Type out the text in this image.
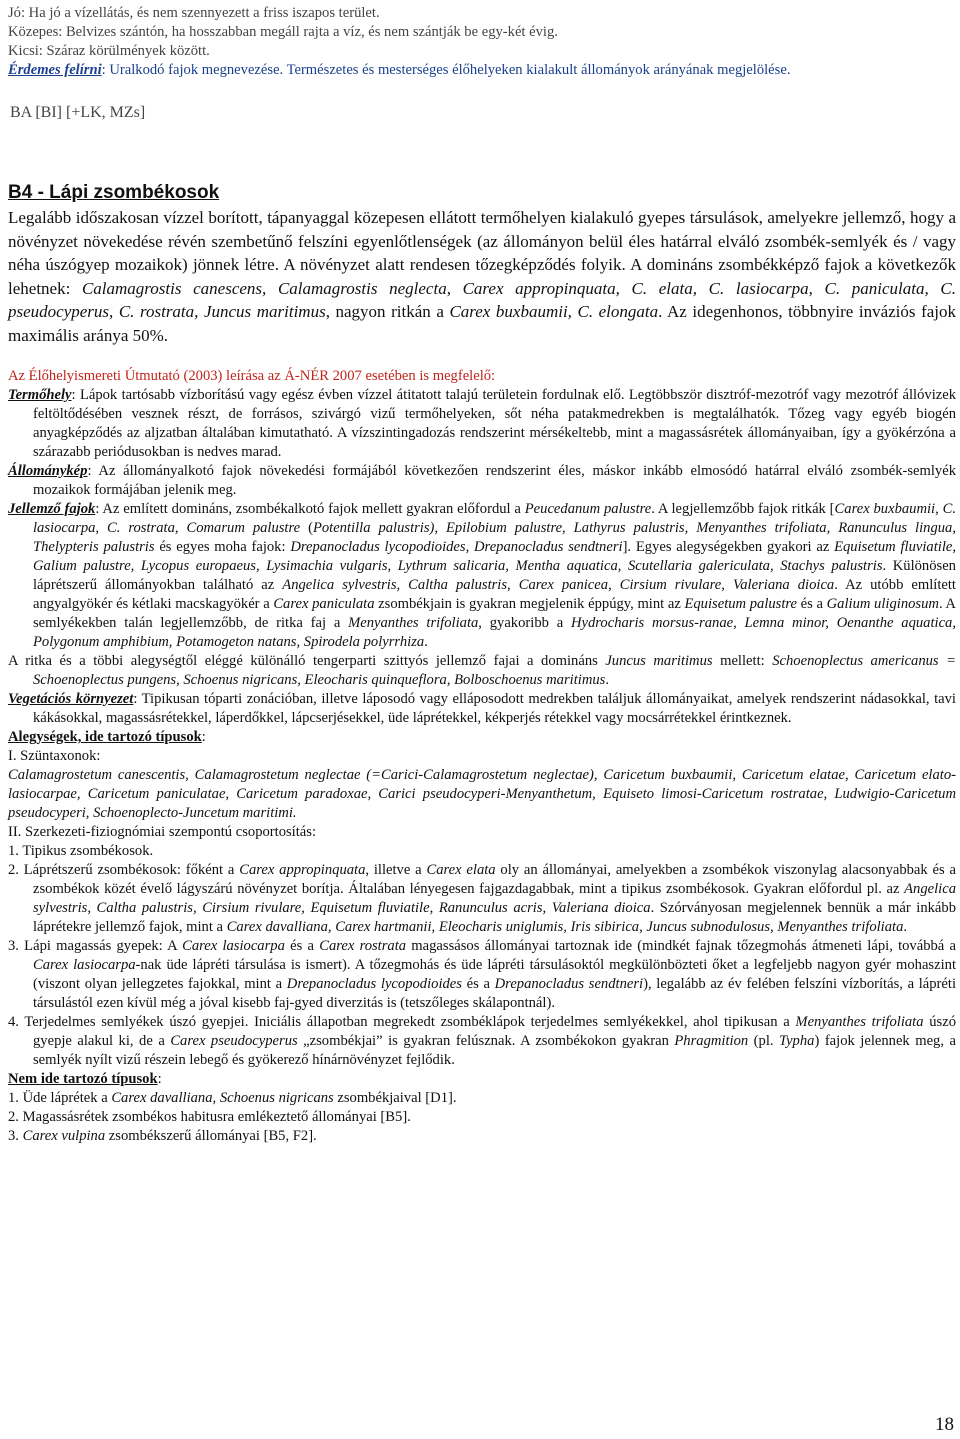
Jó: Ha jó a vízellátás, és nem szennyezett a friss iszapos terület.
Közepes: Belvizes szántón, ha hosszabban megáll rajta a víz, és nem szántják be egy-két évig.
Kicsi: Száraz körülmények között.
Érdemes felírni: Uralkodó fajok megnevezése. Természetes és mesterséges élőhelyeken kialakult állományok arányának megjelölése.
BA [BI] [+LK, MZs]
B4 - Lápi zsombékosok
Legalább időszakosan vízzel borított, tápanyaggal közepesen ellátott termőhelyen kialakuló gyepes társulások, amelyekre jellemző, hogy a növényzet növekedése révén szembetűnő felszíni egyenlőtlenségek (az állományon belül éles határral elváló zsombék-semlyék és / vagy néha úszógyep mozaikok) jönnek létre. A növényzet alatt rendesen tőzegképződés folyik. A domináns zsombékképző fajok a következők lehetnek: Calamagrostis canescens, Calamagrostis neglecta, Carex appropinquata, C. elata, C. lasiocarpa, C. paniculata, C. pseudocyperus, C. rostrata, Juncus maritimus, nagyon ritkán a Carex buxbaumii, C. elongata. Az idegenhonos, többnyire inváziós fajok maximális aránya 50%.
Az Élőhelyismereti Útmutató (2003) leírása az Á-NÉR 2007 esetében is megfelelő:
Termőhely: Lápok tartósabb vízborítású vagy egész évben vízzel átitatott talajú területein fordulnak elő. Legtöbbször disztróf-mezotróf vagy mezotróf állóvizek feltöltődésében vesznek részt, de forrásos, szivárgó vizű termőhelyeken, sőt néha patakmedrekben is megtalálhatók. Tőzeg vagy egyéb biogén anyagképződés az aljzatban általában kimutatható. A vízszintingadozás rendszerint mérsékeltebb, mint a magassásrétek állományaiban, így a gyökérzóna a szárazabb periódusokban is nedves marad.
Állománykép: Az állományalkotó fajok növekedési formájából következően rendszerint éles, máskor inkább elmosódó határral elváló zsombék-semlyék mozaikok formájában jelenik meg.
Jellemző fajok: Az említett domináns, zsombékalkotó fajok mellett gyakran előfordul a Peucedanum palustre. A legjellemzőbb fajok ritkák [Carex buxbaumii, C. lasiocarpa, C. rostrata, Comarum palustre (Potentilla palustris), Epilobium palustre, Lathyrus palustris, Menyanthes trifoliata, Ranunculus lingua, Thelypteris palustris és egyes moha fajok: Drepanocladus lycopodioides, Drepanocladus sendtneri]. Egyes alegységekben gyakori az Equisetum fluviatile, Galium palustre, Lycopus europaeus, Lysimachia vulgaris, Lythrum salicaria, Mentha aquatica, Scutellaria galericulata, Stachys palustris. Különösen láprétszerű állományokban található az Angelica sylvestris, Caltha palustris, Carex panicea, Cirsium rivulare, Valeriana dioica. Az utóbb említett angyalgyökér és kétlaki macskagyökér a Carex paniculata zsombékjain is gyakran megjelenik éppúgy, mint az Equisetum palustre és a Galium uliginosum. A semlyékekben talán legjellemzőbb, de ritka faj a Menyanthes trifoliata, gyakoribb a Hydrocharis morsus-ranae, Lemna minor, Oenanthe aquatica, Polygonum amphibium, Potamogeton natans, Spirodela polyrrhiza.
A ritka és a többi alegységtől eléggé különálló tengerparti szittyós jellemző fajai a domináns Juncus maritimus mellett: Schoenoplectus americanus = Schoenoplectus pungens, Schoenus nigricans, Eleocharis quinqueflora, Bolboschoenus maritimus.
Vegetációs környezet: Tipikusan tóparti zonációban, illetve láposodó vagy elláposodott medrekben találjuk állományaikat, amelyek rendszerint nádasokkal, tavi kákásokkal, magassásrétekkel, láperdőkkel, lápcserjésekkel, üde láprétekkel, kékperjés rétekkel vagy mocsárrétekkel érintkeznek.
Alegységek, ide tartozó típusok:
I. Szüntaxonok:
Calamagrostetum canescentis, Calamagrostetum neglectae (=Carici-Calamagrostetum neglectae), Caricetum buxbaumii, Caricetum elatae, Caricetum elato-lasiocarpae, Caricetum paniculatae, Caricetum paradoxae, Carici pseudocyperi-Menyanthetum, Equiseto limosi-Caricetum rostratae, Ludwigio-Caricetum pseudocyperi, Schoenoplecto-Juncetum maritimi.
II. Szerkezeti-fiziognómiai szempontú csoportosítás:
1. Tipikus zsombékosok.
2. Láprétszerű zsombékosok: főként a Carex appropinquata, illetve a Carex elata oly an állományai, amelyekben a zsombékok viszonylag alacsonyabbak és a zsombékok közét évelő lágyszárú növényzet borítja. Általában lényegesen fajgazdagabbak, mint a tipikus zsombékosok. Gyakran előfordul pl. az Angelica sylvestris, Caltha palustris, Cirsium rivulare, Equisetum fluviatile, Ranunculus acris, Valeriana dioica. Szórványosan megjelennek bennük a már inkább láprétekre jellemző fajok, mint a Carex davalliana, Carex hartmanii, Eleocharis uniglumis, Iris sibirica, Juncus subnodulosus, Menyanthes trifoliata.
3. Lápi magassás gyepek: A Carex lasiocarpa és a Carex rostrata magassásos állományai tartoznak ide (mindkét fajnak tőzegmohás átmeneti lápi, továbbá a Carex lasiocarpa-nak üde lápréti társulása is ismert). A tőzegmohás és üde lápréti társulásoktól megkülönbözteti őket a legfeljebb nagyon gyér mohaszint (viszont olyan jellegzetes fajokkal, mint a Drepanocladus lycopodioides és a Drepanocladus sendtneri), legalább az év felében felszíni vízborítás, a lápréti társulástól ezen kívül még a jóval kisebb faj-gyed diverzitás is (tetszőleges skálapontnál).
4. Terjedelmes semlyékek úszó gyepjei. Iniciális állapotban megrekedt zsombéklápok terjedelmes semlyékekkel, ahol tipikusan a Menyanthes trifoliata úszó gyepje alakul ki, de a Carex pseudocyperus „zsombékjai” is gyakran felúsznak. A zsombékokon gyakran Phragmition (pl. Typha) fajok jelennek meg, a semlyék nyílt vizű részein lebegő és gyökerező hínárnövényzet fejlődik.
Nem ide tartozó típusok:
1. Üde láprétek a Carex davalliana, Schoenus nigricans zsombékjaival [D1].
2. Magassásrétek zsombékos habitusra emlékeztető állományai [B5].
3. Carex vulpina zsombékszerű állományai [B5, F2].
18
